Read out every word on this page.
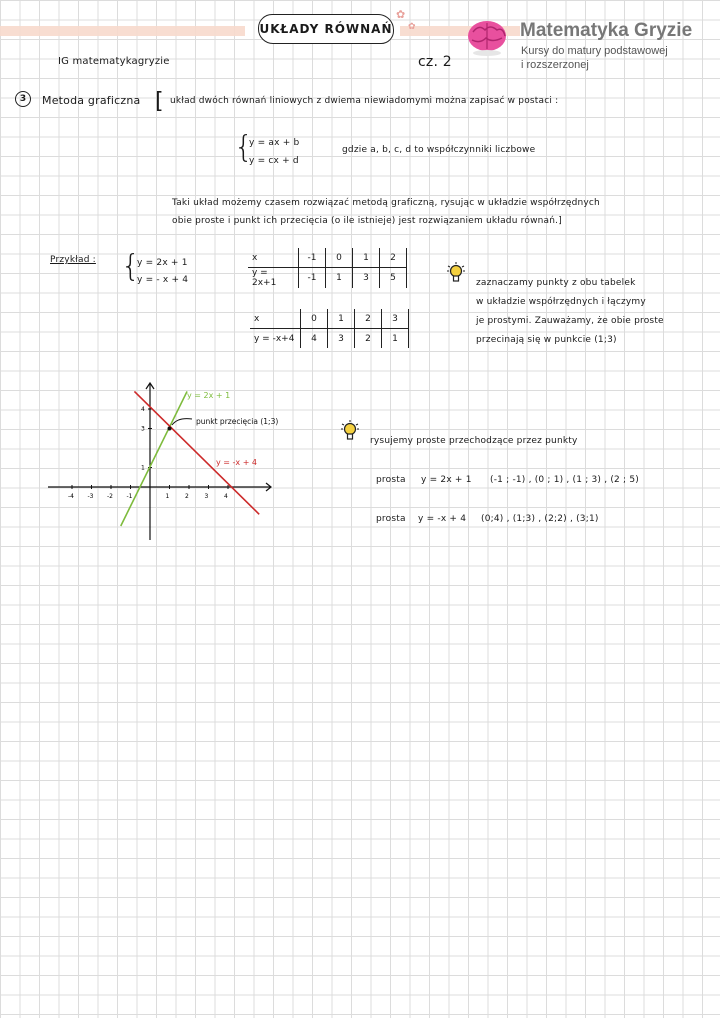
UKŁADY RÓWNAŃ
✿
✿	Matematyka Gryzie
Kursy do matury podstawowej
i rozszerzonej
IG matematykagryzie	cz. 2
3	Metoda graficzna [ układ dwóch równań liniowych z dwiema niewiadomymi można zapisać w postaci :
{
y = ax + b
y = cx + d
gdzie a, b, c, d to współczynniki liczbowe
Taki układ możemy czasem rozwiązać metodą graficzną, rysując w układzie współrzędnych
obie proste i punkt ich przecięcia (o ile istnieje) jest rozwiązaniem układu równań.]
Przykład : {
y = 2x + 1
y = - x + 4
x	-1	0	1	2
y = 2x+1	-1	1	3	5
x	0	1	2	3
y = -x+4	4	3	2	1
zaznaczamy punkty z obu tabelek
w układzie współrzędnych i łączymy
je prostymi. Zauważamy, że obie proste
przecinają się w punkcie (1;3)
-4 -3 -2 -1	1	2	3	4
1
3
4
y = 2x + 1
y = -x + 4
punkt przecięcia (1;3)
rysujemy proste przechodzące przez punkty
prosta y = 2x + 1 (-1 ; -1) , (0 ; 1) , (1 ; 3) , (2 ; 5)
prosta y = -x + 4 (0;4) , (1;3) , (2;2) , (3;1)
